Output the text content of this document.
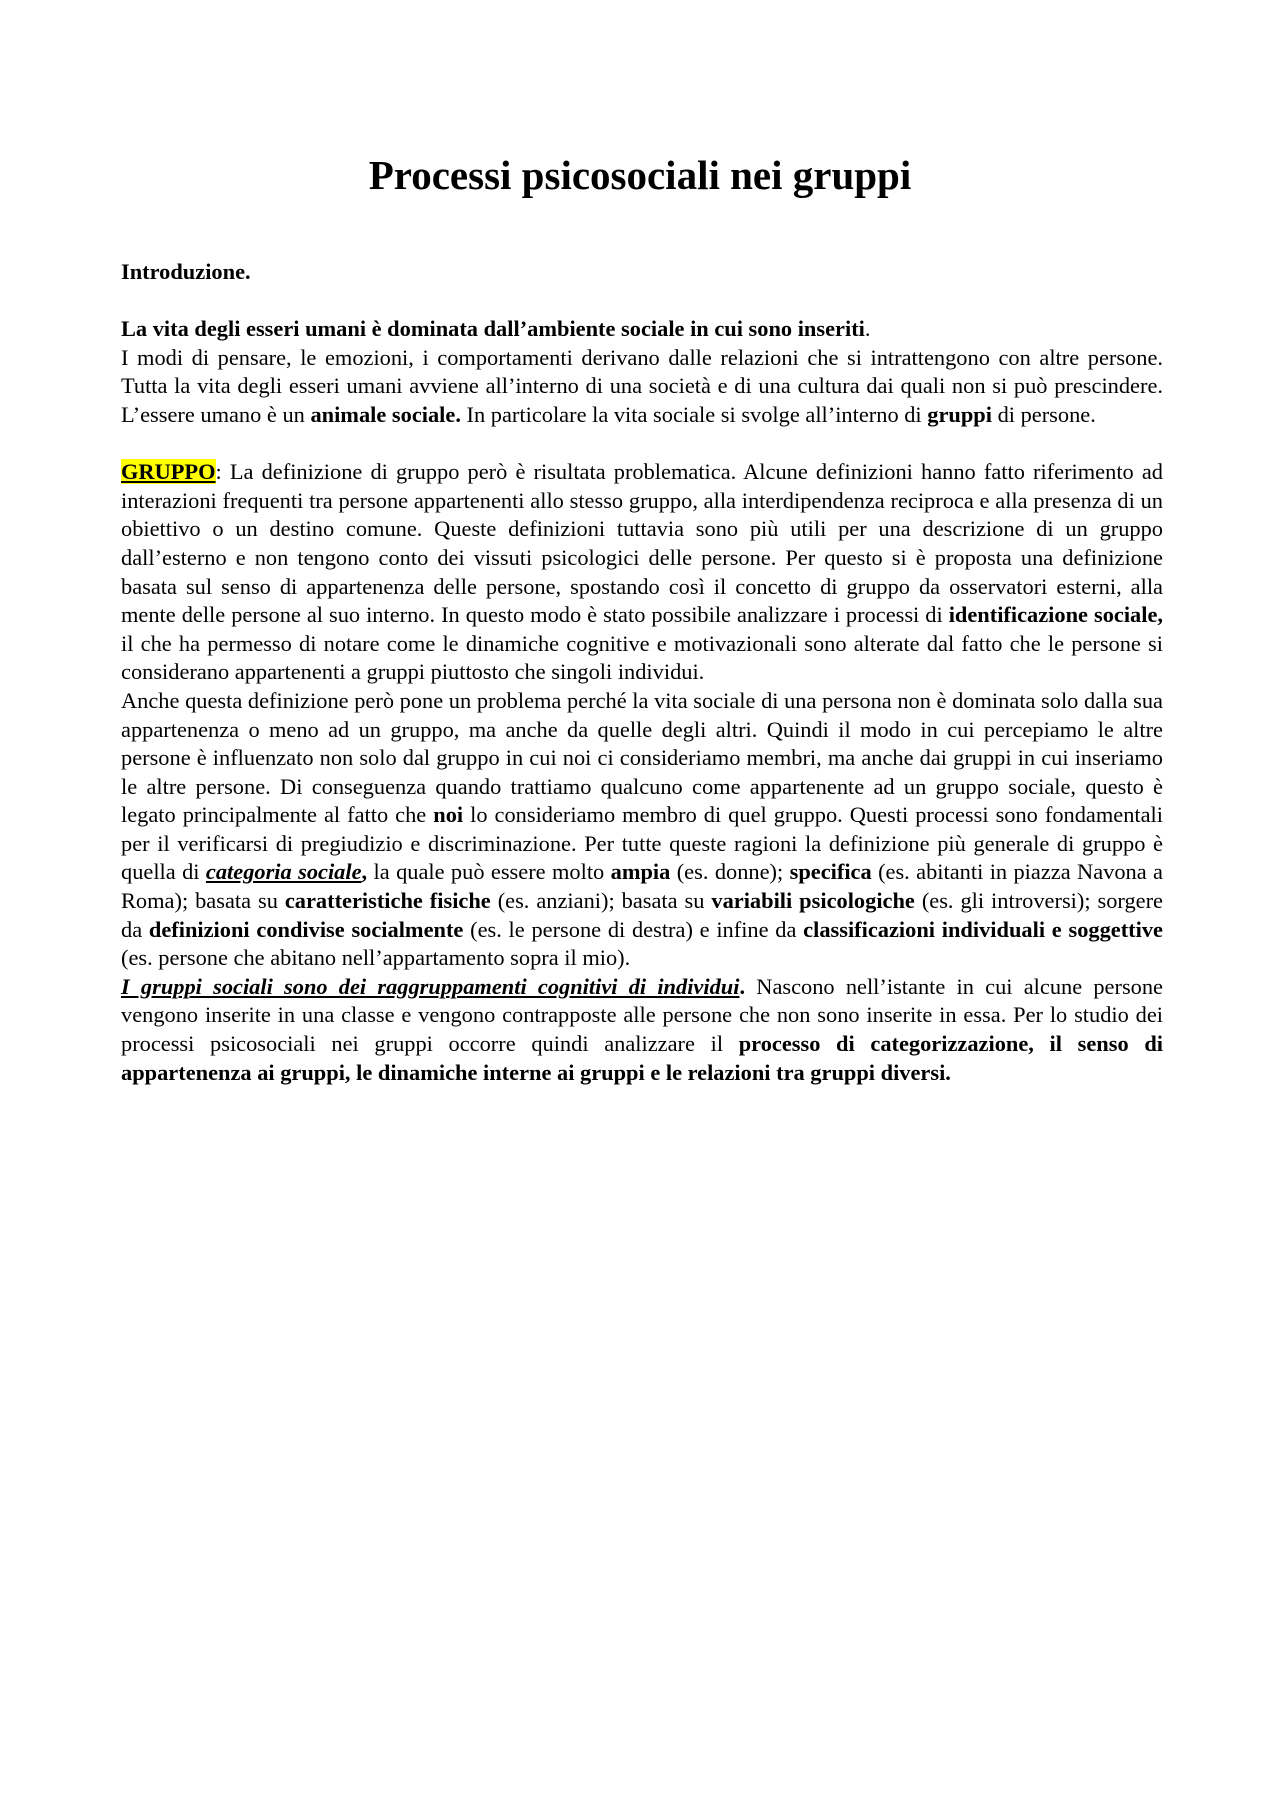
Processi psicosociali nei gruppi

Introduzione.

La vita degli esseri umani è dominata dall’ambiente sociale in cui sono inseriti.

I modi di pensare, le emozioni, i comportamenti derivano dalle relazioni che si intrattengono con altre persone. Tutta la vita degli esseri umani avviene all’interno di una società e di una cultura dai quali non si può prescindere. L’essere umano è un animale sociale. In particolare la vita sociale si svolge all’interno di gruppi di persone.

GRUPPO: La definizione di gruppo però è risultata problematica. Alcune definizioni hanno fatto riferimento ad interazioni frequenti tra persone appartenenti allo stesso gruppo, alla interdipendenza reciproca e alla presenza di un obiettivo o un destino comune. Queste definizioni tuttavia sono più utili per una descrizione di un gruppo dall’esterno e non tengono conto dei vissuti psicologici delle persone. Per questo si è proposta una definizione basata sul senso di appartenenza delle persone, spostando così il concetto di gruppo da osservatori esterni, alla mente delle persone al suo interno. In questo modo è stato possibile analizzare i processi di identificazione sociale, il che ha permesso di notare come le dinamiche cognitive e motivazionali sono alterate dal fatto che le persone si considerano appartenenti a gruppi piuttosto che singoli individui.

Anche questa definizione però pone un problema perché la vita sociale di una persona non è dominata solo dalla sua appartenenza o meno ad un gruppo, ma anche da quelle degli altri. Quindi il modo in cui percepiamo le altre persone è influenzato non solo dal gruppo in cui noi ci consideriamo membri, ma anche dai gruppi in cui inseriamo le altre persone. Di conseguenza quando trattiamo qualcuno come appartenente ad un gruppo sociale, questo è legato principalmente al fatto che noi lo consideriamo membro di quel gruppo. Questi processi sono fondamentali per il verificarsi di pregiudizio e discriminazione. Per tutte queste ragioni la definizione più generale di gruppo è quella di categoria sociale, la quale può essere molto ampia (es. donne); specifica (es. abitanti in piazza Navona a Roma); basata su caratteristiche fisiche (es. anziani); basata su variabili psicologiche (es. gli introversi); sorgere da definizioni condivise socialmente (es. le persone di destra) e infine da classificazioni individuali e soggettive (es. persone che abitano nell’appartamento sopra il mio).

I gruppi sociali sono dei raggruppamenti cognitivi di individui. Nascono nell’istante in cui alcune persone vengono inserite in una classe e vengono contrapposte alle persone che non sono inserite in essa. Per lo studio dei processi psicosociali nei gruppi occorre quindi analizzare il processo di categorizzazione, il senso di appartenenza ai gruppi, le dinamiche interne ai gruppi e le relazioni tra gruppi diversi.
